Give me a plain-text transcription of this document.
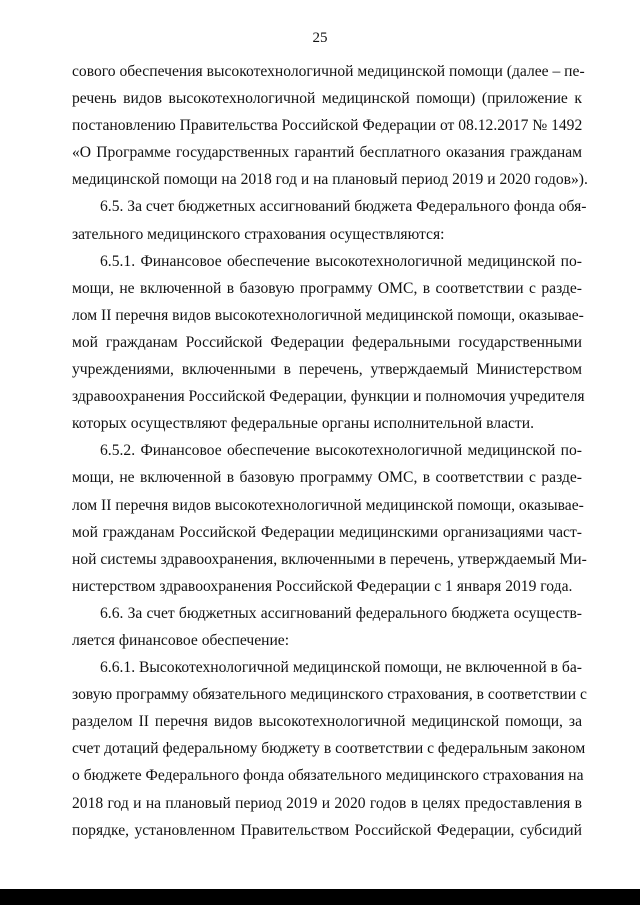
25
сового обеспечения высокотехнологичной медицинской помощи (далее – пе-
речень видов высокотехнологичной медицинской помощи) (приложение к
постановлению Правительства Российской Федерации от 08.12.2017 № 1492
«О Программе государственных гарантий бесплатного оказания гражданам
медицинской помощи на 2018 год и на плановый период 2019 и 2020 годов»).
6.5. За счет бюджетных ассигнований бюджета Федерального фонда обя-
зательного медицинского страхования осуществляются:
6.5.1. Финансовое обеспечение высокотехнологичной медицинской по-
мощи, не включенной в базовую программу ОМС, в соответствии с разде-
лом II перечня видов высокотехнологичной медицинской помощи, оказывае-
мой гражданам Российской Федерации федеральными государственными
учреждениями, включенными в перечень, утверждаемый Министерством
здравоохранения Российской Федерации, функции и полномочия учредителя
которых осуществляют федеральные органы исполнительной власти.
6.5.2. Финансовое обеспечение высокотехнологичной медицинской по-
мощи, не включенной в базовую программу ОМС, в соответствии с разде-
лом II перечня видов высокотехнологичной медицинской помощи, оказывае-
мой гражданам Российской Федерации медицинскими организациями част-
ной системы здравоохранения, включенными в перечень, утверждаемый Ми-
нистерством здравоохранения Российской Федерации с 1 января 2019 года.
6.6. За счет бюджетных ассигнований федерального бюджета осуществ-
ляется финансовое обеспечение:
6.6.1. Высокотехнологичной медицинской помощи, не включенной в ба-
зовую программу обязательного медицинского страхования, в соответствии с
разделом II перечня видов высокотехнологичной медицинской помощи, за
счет дотаций федеральному бюджету в соответствии с федеральным законом
о бюджете Федерального фонда обязательного медицинского страхования на
2018 год и на плановый период 2019 и 2020 годов в целях предоставления в
порядке, установленном Правительством Российской Федерации, субсидий
